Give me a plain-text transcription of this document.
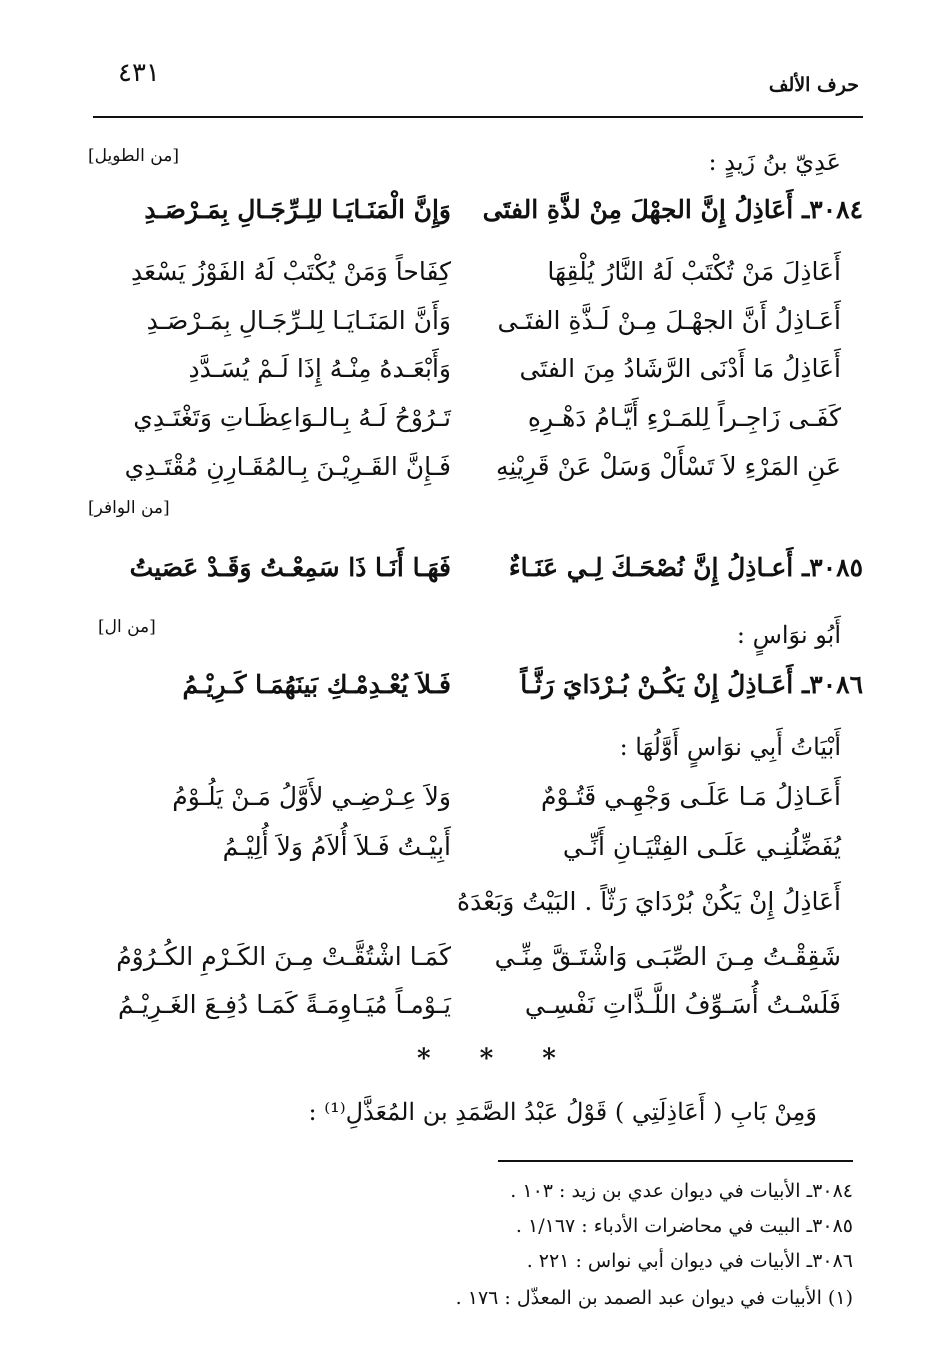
٤٣١	حرف الألف
عَدِيّ بنُ زَيدٍ :
[من الطويل]
٣٠٨٤ـ أَعَاذِلُ إِنَّ الجهْلَ مِنْ لذَّةِ الفتَى
وَإِنَّ الْمَنَـايَـا للِـرِّجَـالِ بِمَـرْصَـدِ
أَعَاذِلَ مَنْ تُكْتَبْ لَهُ النَّارُ يُلْقِهَا
كِفَاحاً وَمَنْ يُكْتَبْ لَهُ الفَوْزُ يَسْعَدِ
أَعَـاذِلُ أَنَّ الجهْـلَ مِـنْ لَـذَّةِ الفتَـى
وَأَنَّ المَنَـايَـا لِلـرِّجَـالِ بِمَـرْصَـدِ
أَعَاذِلُ مَا أَدْنَى الرَّشَادُ مِنَ الفتَى
وَأَبْعَـدهُ مِنْـهُ إِذَا لَـمْ يُسَـدَّدِ
كَفَـى زَاجِـراً لِلمَـرْءِ أَيَّـامُ دَهْـرِهِ
تَـرُوْحُ لَـهُ بِـالـوَاعِظَـاتِ وَتَغْتَـدِي
عَنِ المَرْءِ لاَ تَسْأَلْ وَسَلْ عَنْ قَرِيْنِهِ
فَـإِنَّ القَـرِيْـنَ بِـالمُقَـارِنِ مُقْتَـدِي
[من الوافر]
٣٠٨٥ـ أَعـاذِلُ إِنَّ نُصْحَـكَ لِـي عَنَـاءٌ
فَهَـا أَنَـا ذَا سَمِعْـتُ وَقَـدْ عَصَيتُ
[من ال]	أَبُو نوَاسٍ :
٣٠٨٦ـ أَعَـاذِلُ إِنْ يَكُـنْ بُـرْدَايَ رَثَّـاً
فَـلاَ يُعْـدِمْـكِ بَينَهُمَـا كَـرِيْـمُ
أَبْيَاتُ أَبِي نوَاسٍ أَوَّلُهَا :
أَعَـاذِلُ مَـا عَلَـى وَجْهِـي قَتُـوْمٌ
وَلاَ عِـرْضِـي لأَوَّلُ مَـنْ يَلُـوْمُ
يُفَضِّلُنِـي عَلَـى الفِتْيَـانِ أَنِّـي
أَبِيْـتُ فَـلاَ أُلاَمُ وَلاَ أُلِيْـمُ
أَعَاذِلُ إِنْ يَكُنْ بُرْدَايَ رَثّاً . البَيْتُ وَبَعْدَهُ
شَقِقْـتُ مِـنَ الصِّبَـى وَاشْتَـقَّ مِنِّـي
كَمَـا اشْتُقَّـتْ مِـنَ الكَـرْمِ الكُـرُوْمُ
فَلَسْـتُ أُسَـوِّفُ اللَّـذَّاتِ نَفْسِـي
يَـوْمـاً مُيَـاوِمَـةً كَمَـا دُفِـعَ الغَـرِيْـمُ
* * *
وَمِنْ بَابِ ( أَعَاذِلَتِي ) قَوْلُ عَبْدُ الصَّمَدِ بن المُعَذَّلِ⁽¹⁾ :
٣٠٨٤ـ الأبيات في ديوان عدي بن زيد : ١٠٣ .
٣٠٨٥ـ البيت في محاضرات الأدباء : ١/١٦٧ .
٣٠٨٦ـ الأبيات في ديوان أبي نواس : ٢٢١ .
(١) الأبيات في ديوان عبد الصمد بن المعذّل : ١٧٦ .
